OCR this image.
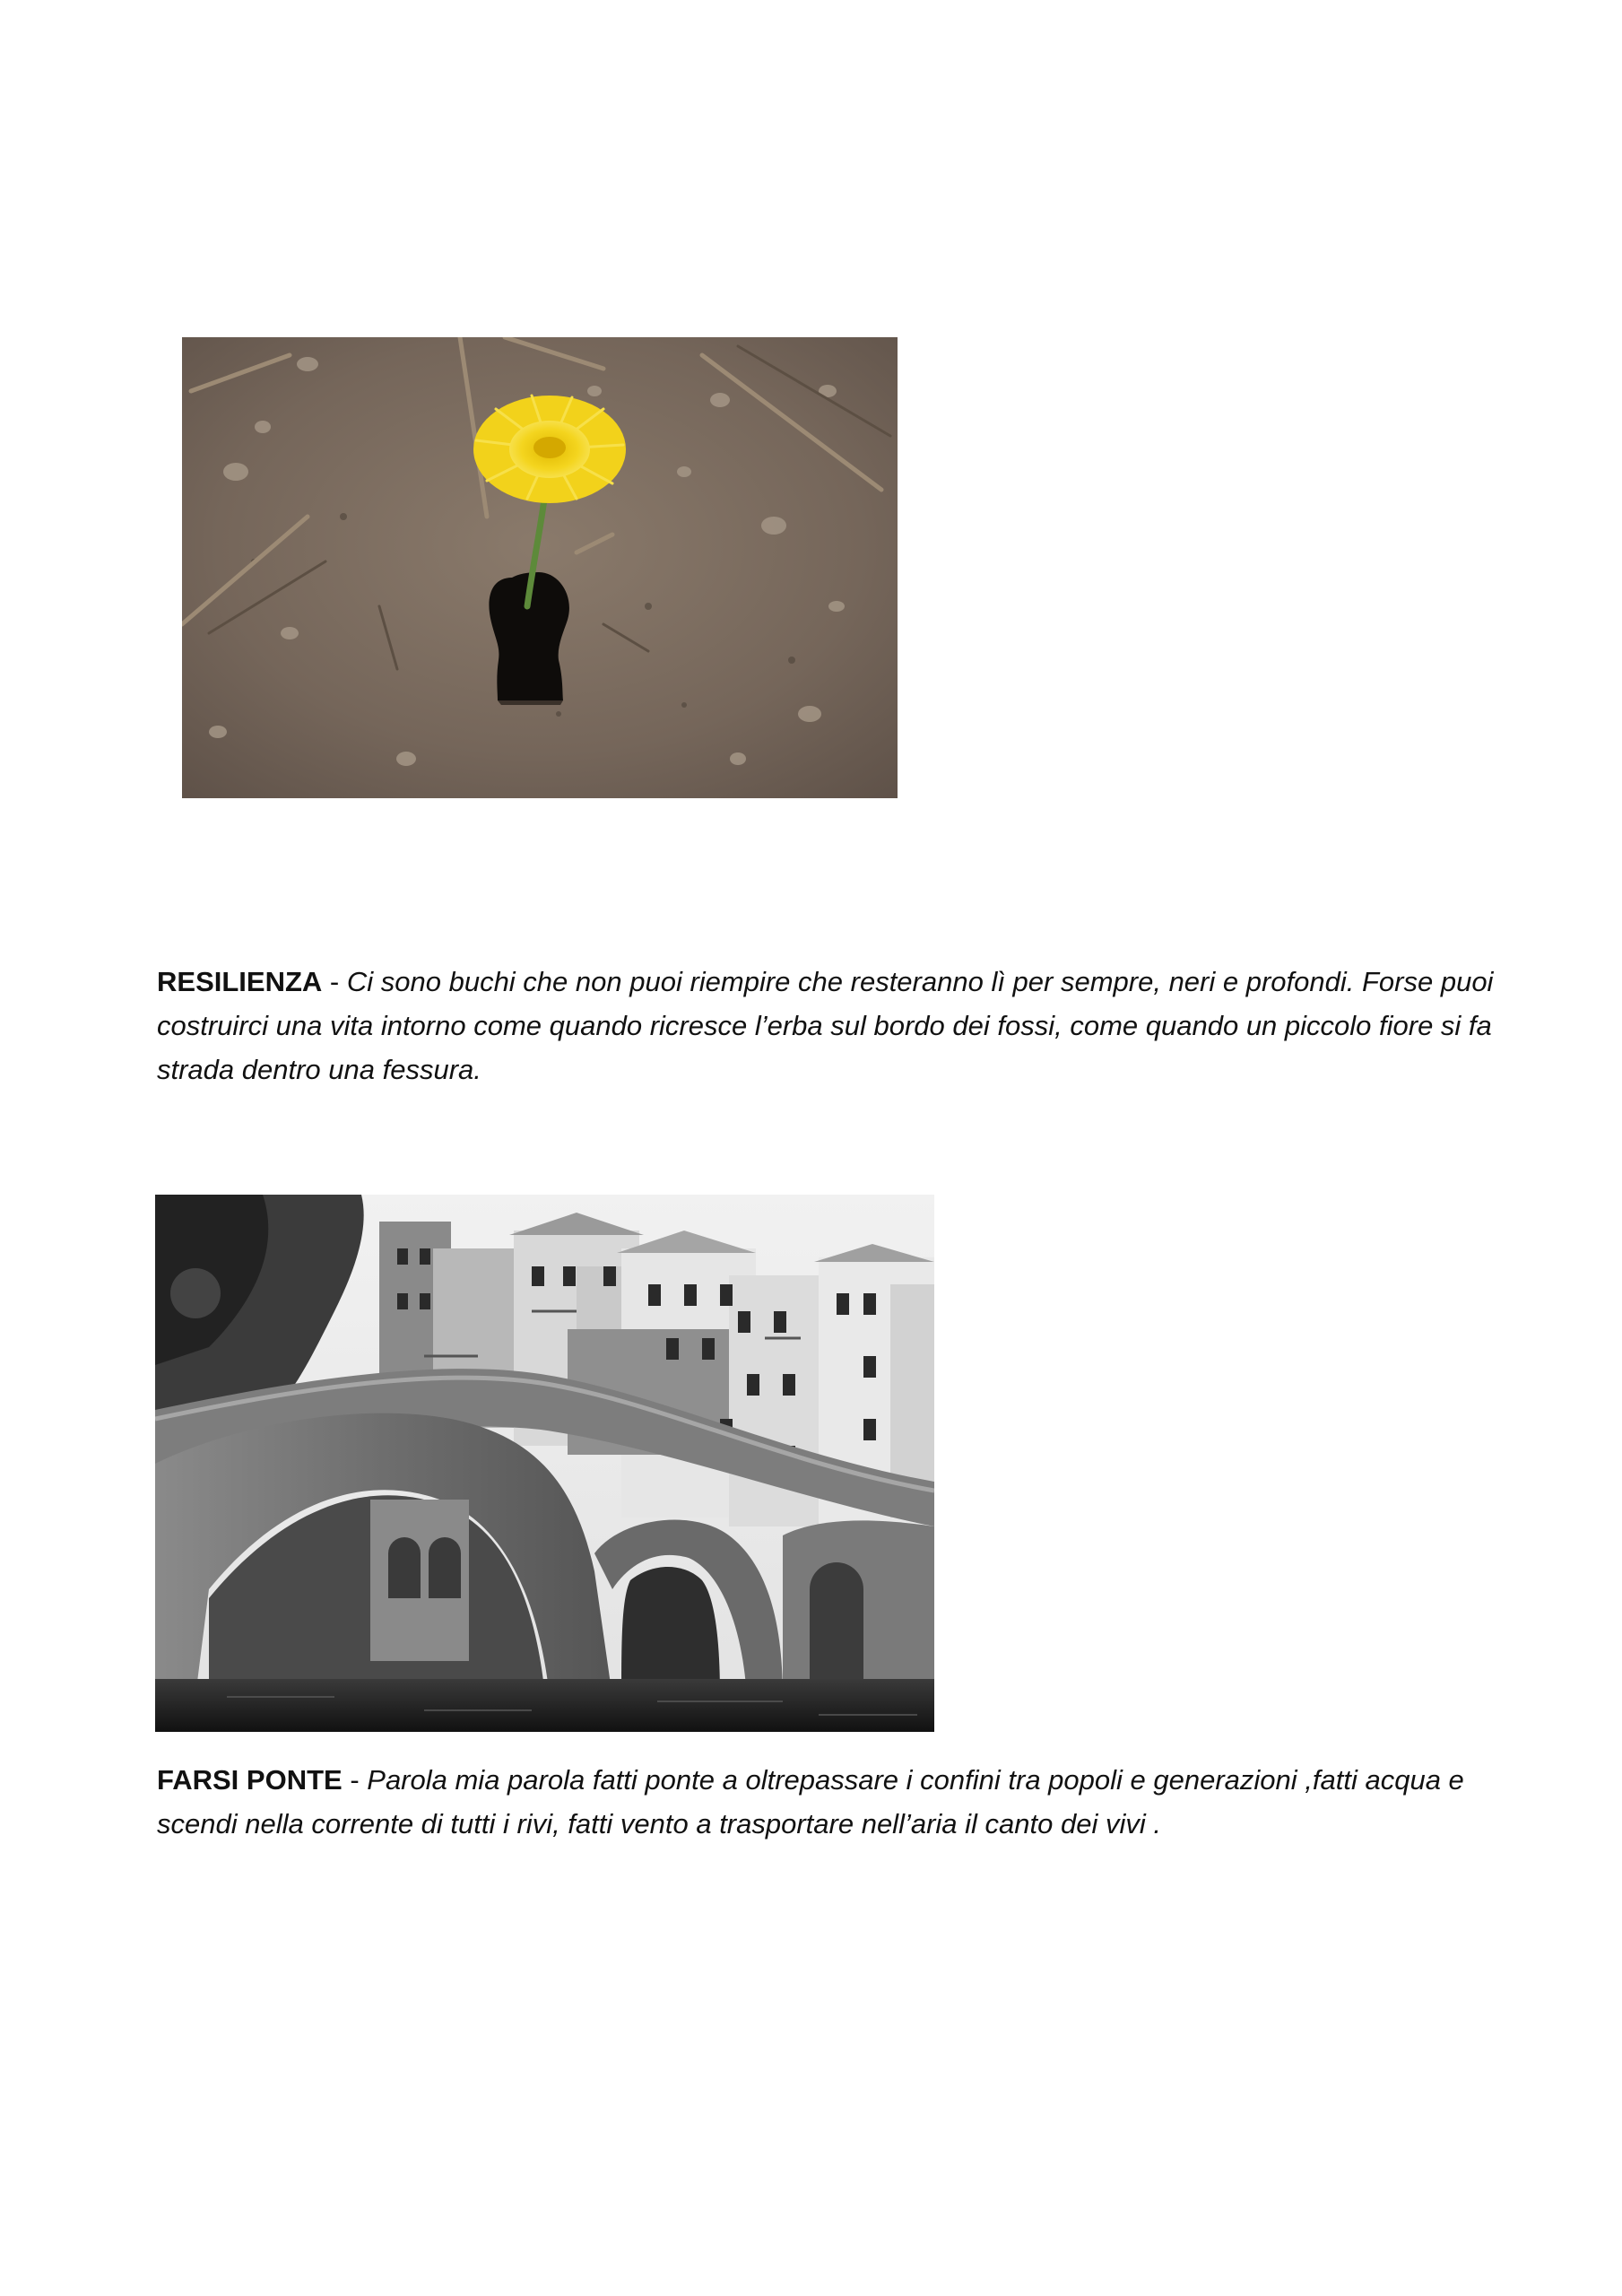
RESILIENZA - Ci sono buchi che non puoi riempire che resteranno lì per sempre, neri e profondi. Forse puoi costruirci una vita intorno come quando ricresce l’erba sul bordo dei fossi, come quando un piccolo fiore si fa strada dentro una fessura.

FARSI PONTE - Parola mia parola fatti ponte a oltrepassare i confini tra popoli e generazioni ,fatti acqua e scendi nella corrente di tutti i rivi, fatti vento a trasportare nell’aria il canto dei vivi .
